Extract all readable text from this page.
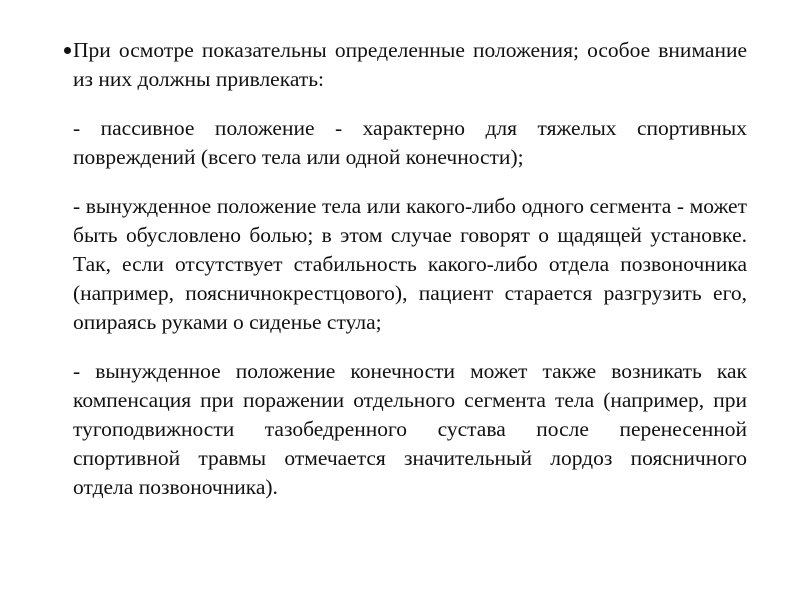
При осмотре показательны определенные положения; особое внимание из них должны привлекать:

- пассивное положение - характерно для тяжелых спортивных повреждений (всего тела или одной конечности);

- вынужденное положение тела или какого-либо одного сегмента - может быть обусловлено болью; в этом случае говорят о щадящей установке. Так, если отсутствует стабильность какого-либо отдела позвоночника (например, поясничнокрестцового), пациент старается разгрузить его, опираясь руками о сиденье стула;

- вынужденное положение конечности может также возникать как компенсация при поражении отдельного сегмента тела (например, при тугоподвижности тазобедренного сустава после перенесенной спортивной травмы отмечается значительный лордоз поясничного отдела позвоночника).
